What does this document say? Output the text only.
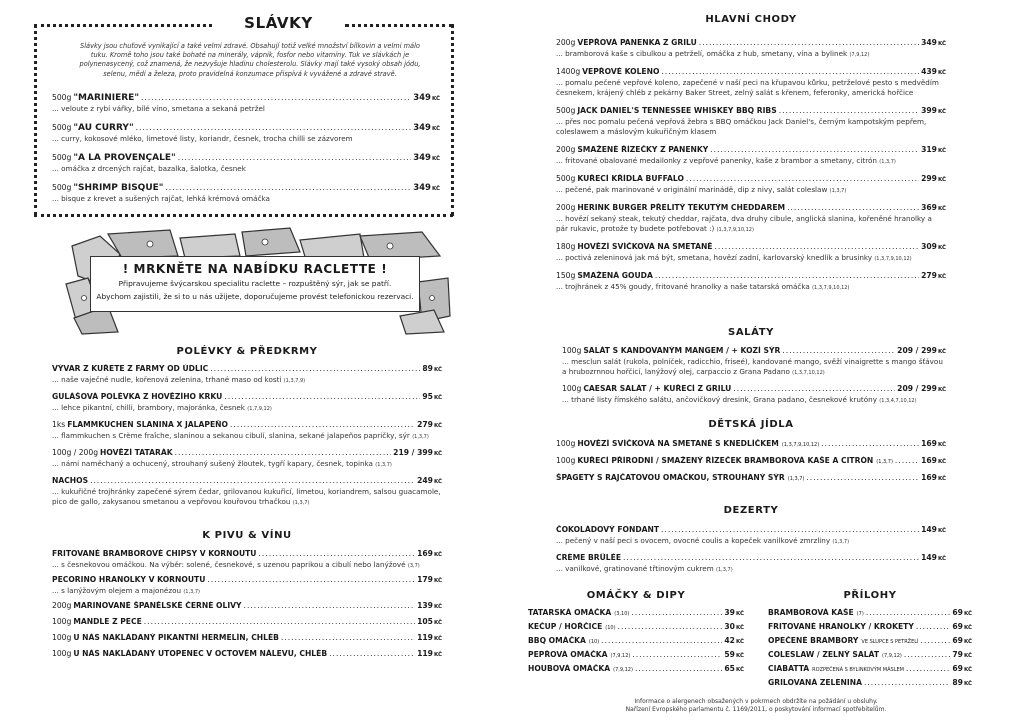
SLÁVKY
Slávky jsou chuťově vynikající a také velmi zdravé. Obsahují totiž velké množství bílkovin a velmi málo tuku. Kromě toho jsou také bohaté na minerály, vápník, fosfor nebo vitamíny. Tuk ve slávkách je polynenasycený, což znamená, že nezvyšuje hladinu cholesterolu. Slávky mají také vysoký obsah jódu, selenu, mědi a železa, proto pravidelná konzumace přispívá k vyvážené a zdravé stravě.
500g "MARINIÈRE" .....	349KČ
... veloute z rybí vářky, bílé víno, smetana a sekaná petržel
500g "AU CURRY" .....	349KČ
... curry, kokosové mléko, limetové listy, koriandr, česnek, trocha chilli se zázvorem
500g "À LA PROVENÇALE" .....	349KČ
... omáčka z drcených rajčat, bazalka, šalotka, česnek
500g "SHRIMP BISQUE" .....	349KČ
... bisque z krevet a sušených rajčat, lehká krémová omáčka
! MRKNĚTE NA NABÍDKU RACLETTE !
Připravujeme švýcarskou specialitu raclette – rozpuštěný sýr, jak se patří.
Abychom zajistili, že si to u nás užijete, doporučujeme provést telefonickou rezervaci.
POLÉVKY & PŘEDKRMY
VÝVAR Z KUŘETE Z FARMY OD ÚDLIC .....	89KČ
... naše vaječné nudle, kořenová zelenina, trhané maso od kosti (1,3,7,9)
GULÁŠOVÁ POLÉVKA Z HOVĚZÍHO KRKU .....	95KČ
... lehce pikantní, chilli, brambory, majoránka, česnek (1,7,9,12)
1ks FLAMMKUCHEN SLANINA X JALAPEÑO .....	279KČ
... flammkuchen s Crème fraîche, slaninou a sekanou cibulí, slanina, sekané jalapeños papričky, sýr (1,3,7)
100g / 200g HOVĚZÍ TATARÁK .....	219 / 399KČ
... námi naměchaný a ochucený, strouhaný sušený žloutek, tygří kapary, česnek, topinka (1,3,7)
NACHOS .....	249KČ
... kukuřičné trojhránky zapečené sýrem čedar, grilovanou kukuřicí, limetou, koriandrem, salsou guacamole, pico de gallo, zakysanou smetanou a vepřovou kouřovou trhačkou (1,3,7)
K PIVU & VÍNU
FRITOVANÉ BRAMBOROVÉ CHIPSY V KORNOUTU .....	169KČ
... s česnekovou omáčkou. Na výběr: solené, česnekové, s uzenou paprikou a cibulí nebo lanýžové (3,7)
PECORINO HRANOLKY V KORNOUTU .....	179KČ
... s lanýžovým olejem a majonézou (1,3,7)
200g MARINOVANÉ ŠPANĚLSKÉ ČERNÉ OLIVY .....	139KČ
100g MANDLE Z PECE .....	105KČ
100g U NÁS NAKLÁDANÝ PIKANTNÍ HERMELÍN, CHLÉB .....	119KČ
100g U NÁS NAKLÁDANÝ UTOPENEC V OCTOVÉM NÁLEVU, CHLÉB .....	119KČ
HLAVNÍ CHODY
200g VEPŘOVÁ PANENKA Z GRILU .....	349KČ
... bramborová kaše s cibulkou a petrželí, omáčka z hub, smetany, vína a bylinek (7,9,12)
1400g VEPŘOVÉ KOLENO .....	439KČ
... pomalu pečené vepřové koleno, zapečené v naší peci na křupavou kůrku, petrželové pesto s medvědím česnekem, krájený chléb z pekárny Baker Street, zelný salát s křenem, feferonky, americká hořčice
500g JACK DANIEL'S TENNESSEE WHISKEY BBQ RIBS .....	399KČ
... přes noc pomalu pečená vepřová žebra s BBQ omáčkou Jack Daniel's, černým kampotským pepřem, coleslawem a máslovým kukuřičným klasem
200g SMAŽENÉ ŘÍZEČKY Z PANENKY .....	319KČ
... fritované obalované medailonky z vepřové panenky, kaše z brambor a smetany, citrón (1,3,7)
500g KUŘECÍ KŘÍDLA BUFFALO .....	299KČ
... pečené, pak marinované v originální marinádě, dip z nivy, salát coleslaw (1,3,7)
200g HERINK BURGER PŘELITÝ TEKUTÝM CHEDDAREM .....	369KČ
... hovězí sekaný steak, tekutý cheddar, rajčata, dva druhy cibule, anglická slanina, kořeněné hranolky a pár rukavic, protože ty budete potřebovat :) (1,3,7,9,10,12)
180g HOVĚZÍ SVÍČKOVÁ NA SMETANĚ .....	309KČ
... poctivá zeleninová jak má být, smetana, hovězí zadní, karlovarský knedlík a brusinky (1,3,7,9,10,12)
150g SMAŽENÁ GOUDA .....	279KČ
... trojhránek z 45% goudy, fritované hranolky a naše tatarská omáčka (1,3,7,9,10,12)
SALÁTY
100g SALÁT S KANDOVANÝM MANGEM / + KOZÍ SÝR .....	209 / 299KČ
... mesclun salát (rukola, polníček, radicchio, friseé), kandované mango, svěží vinaigrette s mango šťávou a hrubozrnnou hořčicí, lanýžový olej, carpaccio z Grana Padano (1,3,7,10,12)
100g CAESAR SALÁT / + KUŘECÍ Z GRILU .....	209 / 299KČ
... trhané listy římského salátu, ančovičkový dresink, Grana padano, česnekové krutóny (1,3,4,7,10,12)
DĚTSKÁ JÍDLA
100g HOVĚZÍ SVÍČKOVÁ NA SMETANĚ S KNEDLÍČKEM (1,3,7,9,10,12) .....	169KČ
100g KUŘECÍ PŘÍRODNÍ / SMAŽENÝ ŘÍZEČEK BRAMBOROVÁ KAŠE A CITRÓN (1,3,7) .....	169KČ
ŠPAGETY S RAJČATOVOU OMÁČKOU, STROUHANÝ SÝR (1,3,7) .....	169KČ
DEZERTY
ČOKOLÁDOVÝ FONDANT .....	149KČ
... pečený v naší peci s ovocem, ovocné coulis a kopeček vanilkové zmrzliny (1,3,7)
CRÈME BRÛLÉE .....	149KČ
... vanilkové, gratinované třtinovým cukrem (1,3,7)
OMÁČKY & DIPY
TATARSKÁ OMÁČKA (3,10) .....	39KČ
KEČUP / HOŘČICE (10) .....	30KČ
BBQ OMÁČKA (10) .....	42KČ
PEPŘOVÁ OMÁČKA (7,9,12) .....	59KČ
HOUBOVÁ OMÁČKA (7,9,12) .....	65KČ
PŘÍLOHY
BRAMBOROVÁ KAŠE (7) .....	69KČ
FRITOVANÉ HRANOLKY / KROKETY .....	69KČ
OPEČENÉ BRAMBORY VE SLUPCE S PETRŽELÍ .....	69KČ
COLESLAW / ZELNÝ SALÁT (7,9,12) .....	79KČ
CIABATTA ROZPEČENÁ S BYLINKOVÝM MÁSLEM .....	69KČ
GRILOVANÁ ZELENINA .....	89KČ
Informace o alergenech obsažených v pokrmech obdržíte na požádání u obsluhy.
Nařízení Evropského parlamentu č. 1169/2011, o poskytování informací spotřebitelům.
